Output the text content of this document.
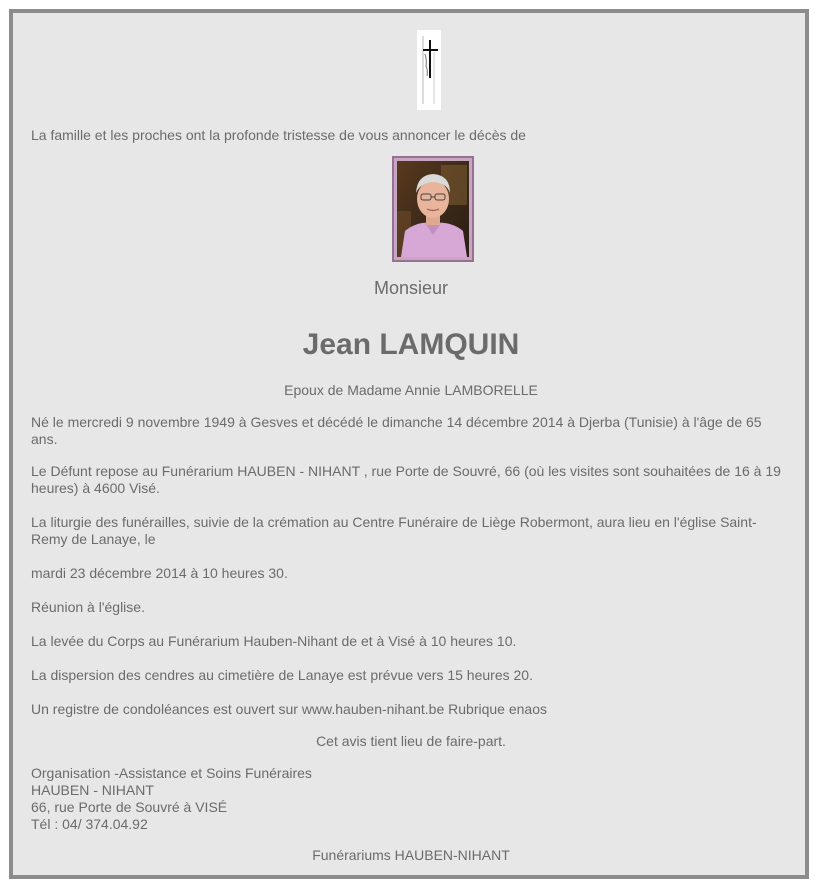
La famille et les proches ont la profonde tristesse de vous annoncer le décès de

Monsieur
Jean LAMQUIN

Epoux de Madame Annie LAMBORELLE

Né le mercredi 9 novembre 1949 à Gesves et décédé le dimanche 14 décembre 2014 à Djerba (Tunisie) à l'âge de 65 ans.

Le Défunt repose au Funérarium HAUBEN - NIHANT , rue Porte de Souvré, 66 (où les visites sont souhaitées de 16 à 19 heures) à 4600 Visé.

La liturgie des funérailles, suivie de la crémation au Centre Funéraire de Liège Robermont, aura lieu en l'église Saint-Remy de Lanaye, le

mardi 23 décembre 2014 à 10 heures 30.

Réunion à l'église.

La levée du Corps au Funérarium Hauben-Nihant de et à Visé à 10 heures 10.

La dispersion des cendres au cimetière de Lanaye est prévue vers 15 heures 20.

Un registre de condoléances est ouvert sur www.hauben-nihant.be Rubrique enaos

Cet avis tient lieu de faire-part.

Organisation -Assistance et Soins Funéraires

HAUBEN - NIHANT

66, rue Porte de Souvré à VISÉ

Tél : 04/ 374.04.92

Funérariums HAUBEN-NIHANT
